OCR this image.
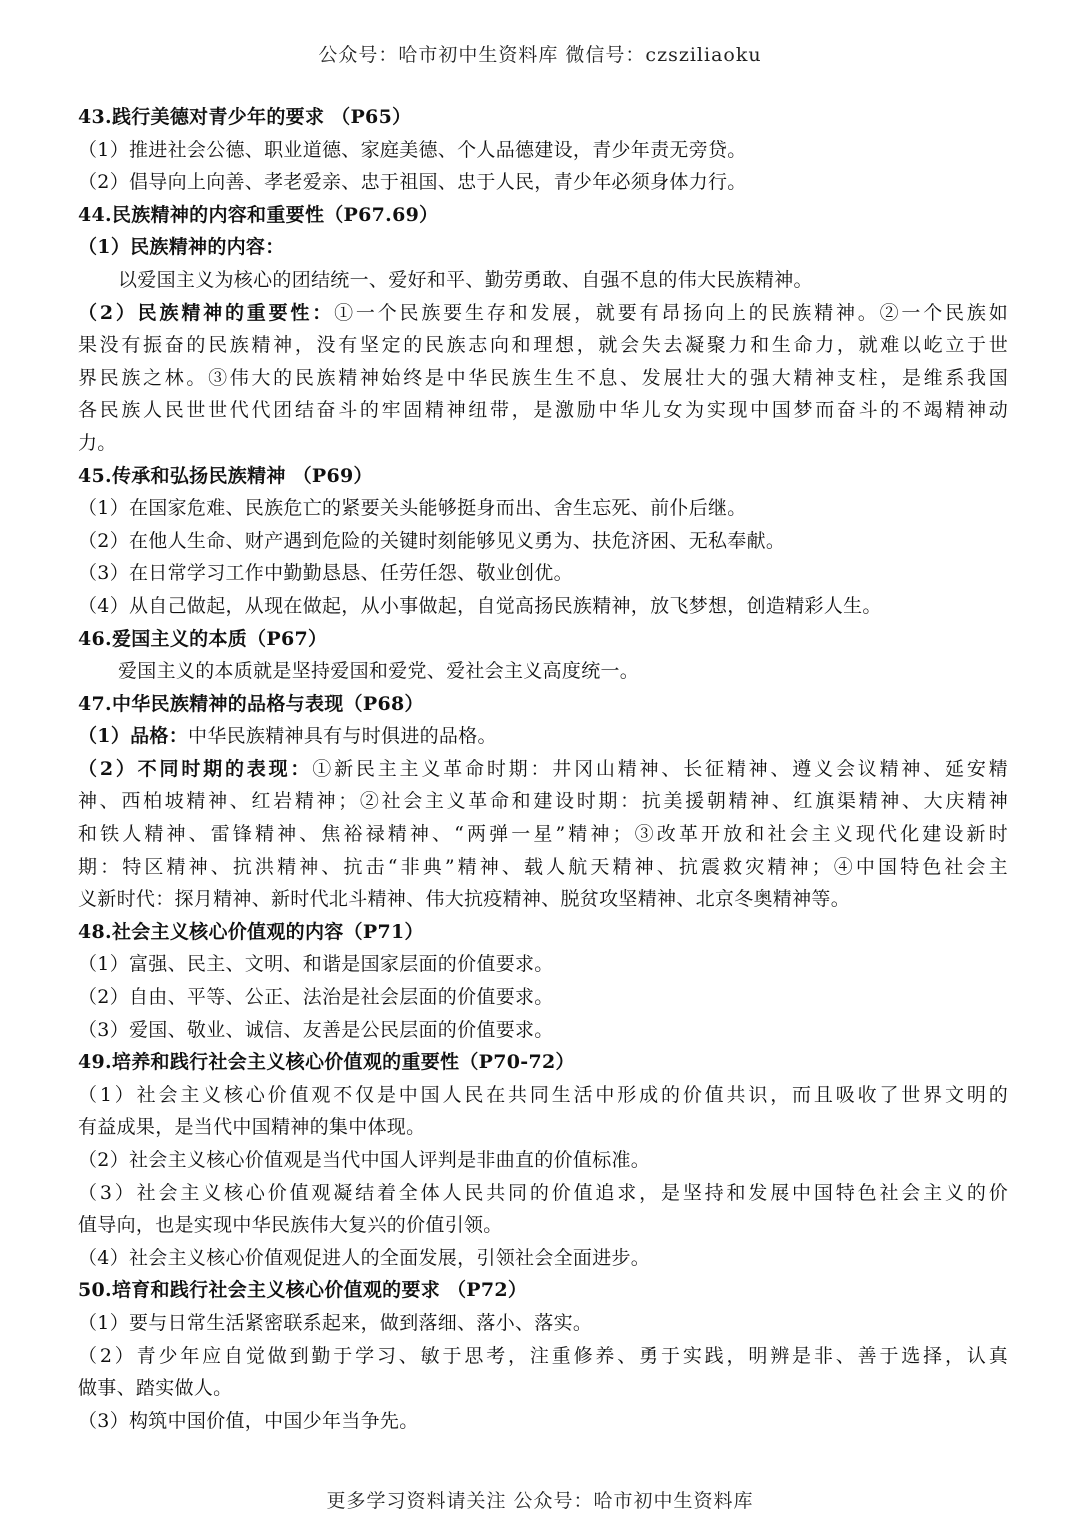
公众号：哈市初中生资料库 微信号：czsziliaoku
43.践行美德对青少年的要求 （P65）
（1）推进社会公德、职业道德、家庭美德、个人品德建设，青少年责无旁贷。
（2）倡导向上向善、孝老爱亲、忠于祖国、忠于人民，青少年必须身体力行。
44.民族精神的内容和重要性（P67.69）
（1）民族精神的内容：
以爱国主义为核心的团结统一、爱好和平、勤劳勇敢、自强不息的伟大民族精神。
（2）民族精神的重要性：①一个民族要生存和发展，就要有昂扬向上的民族精神。②一个民族如
果没有振奋的民族精神，没有坚定的民族志向和理想，就会失去凝聚力和生命力，就难以屹立于世
界民族之林。③伟大的民族精神始终是中华民族生生不息、发展壮大的强大精神支柱，是维系我国
各民族人民世世代代团结奋斗的牢固精神纽带，是激励中华儿女为实现中国梦而奋斗的不竭精神动
力。
45.传承和弘扬民族精神 （P69）
（1）在国家危难、民族危亡的紧要关头能够挺身而出、舍生忘死、前仆后继。
（2）在他人生命、财产遇到危险的关键时刻能够见义勇为、扶危济困、无私奉献。
（3）在日常学习工作中勤勤恳恳、任劳任怨、敬业创优。
（4）从自己做起，从现在做起，从小事做起，自觉高扬民族精神，放飞梦想，创造精彩人生。
46.爱国主义的本质（P67）
爱国主义的本质就是坚持爱国和爱党、爱社会主义高度统一。
47.中华民族精神的品格与表现（P68）
（1）品格：中华民族精神具有与时俱进的品格。
（2）不同时期的表现：①新民主主义革命时期：井冈山精神、长征精神、遵义会议精神、延安精
神、西柏坡精神、红岩精神；②社会主义革命和建设时期：抗美援朝精神、红旗渠精神、大庆精神
和铁人精神、雷锋精神、焦裕禄精神、“两弹一星”精神；③改革开放和社会主义现代化建设新时
期：特区精神、抗洪精神、抗击“非典”精神、载人航天精神、抗震救灾精神；④中国特色社会主
义新时代：探月精神、新时代北斗精神、伟大抗疫精神、脱贫攻坚精神、北京冬奥精神等。
48.社会主义核心价值观的内容（P71）
（1）富强、民主、文明、和谐是国家层面的价值要求。
（2）自由、平等、公正、法治是社会层面的价值要求。
（3）爱国、敬业、诚信、友善是公民层面的价值要求。
49.培养和践行社会主义核心价值观的重要性（P70-72）
（1）社会主义核心价值观不仅是中国人民在共同生活中形成的价值共识，而且吸收了世界文明的
有益成果，是当代中国精神的集中体现。
（2）社会主义核心价值观是当代中国人评判是非曲直的价值标准。
（3）社会主义核心价值观凝结着全体人民共同的价值追求，是坚持和发展中国特色社会主义的价
值导向，也是实现中华民族伟大复兴的价值引领。
（4）社会主义核心价值观促进人的全面发展，引领社会全面进步。
50.培育和践行社会主义核心价值观的要求 （P72）
（1）要与日常生活紧密联系起来，做到落细、落小、落实。
（2）青少年应自觉做到勤于学习、敏于思考，注重修养、勇于实践，明辨是非、善于选择，认真
做事、踏实做人。
（3）构筑中国价值，中国少年当争先。
更多学习资料请关注 公众号：哈市初中生资料库
